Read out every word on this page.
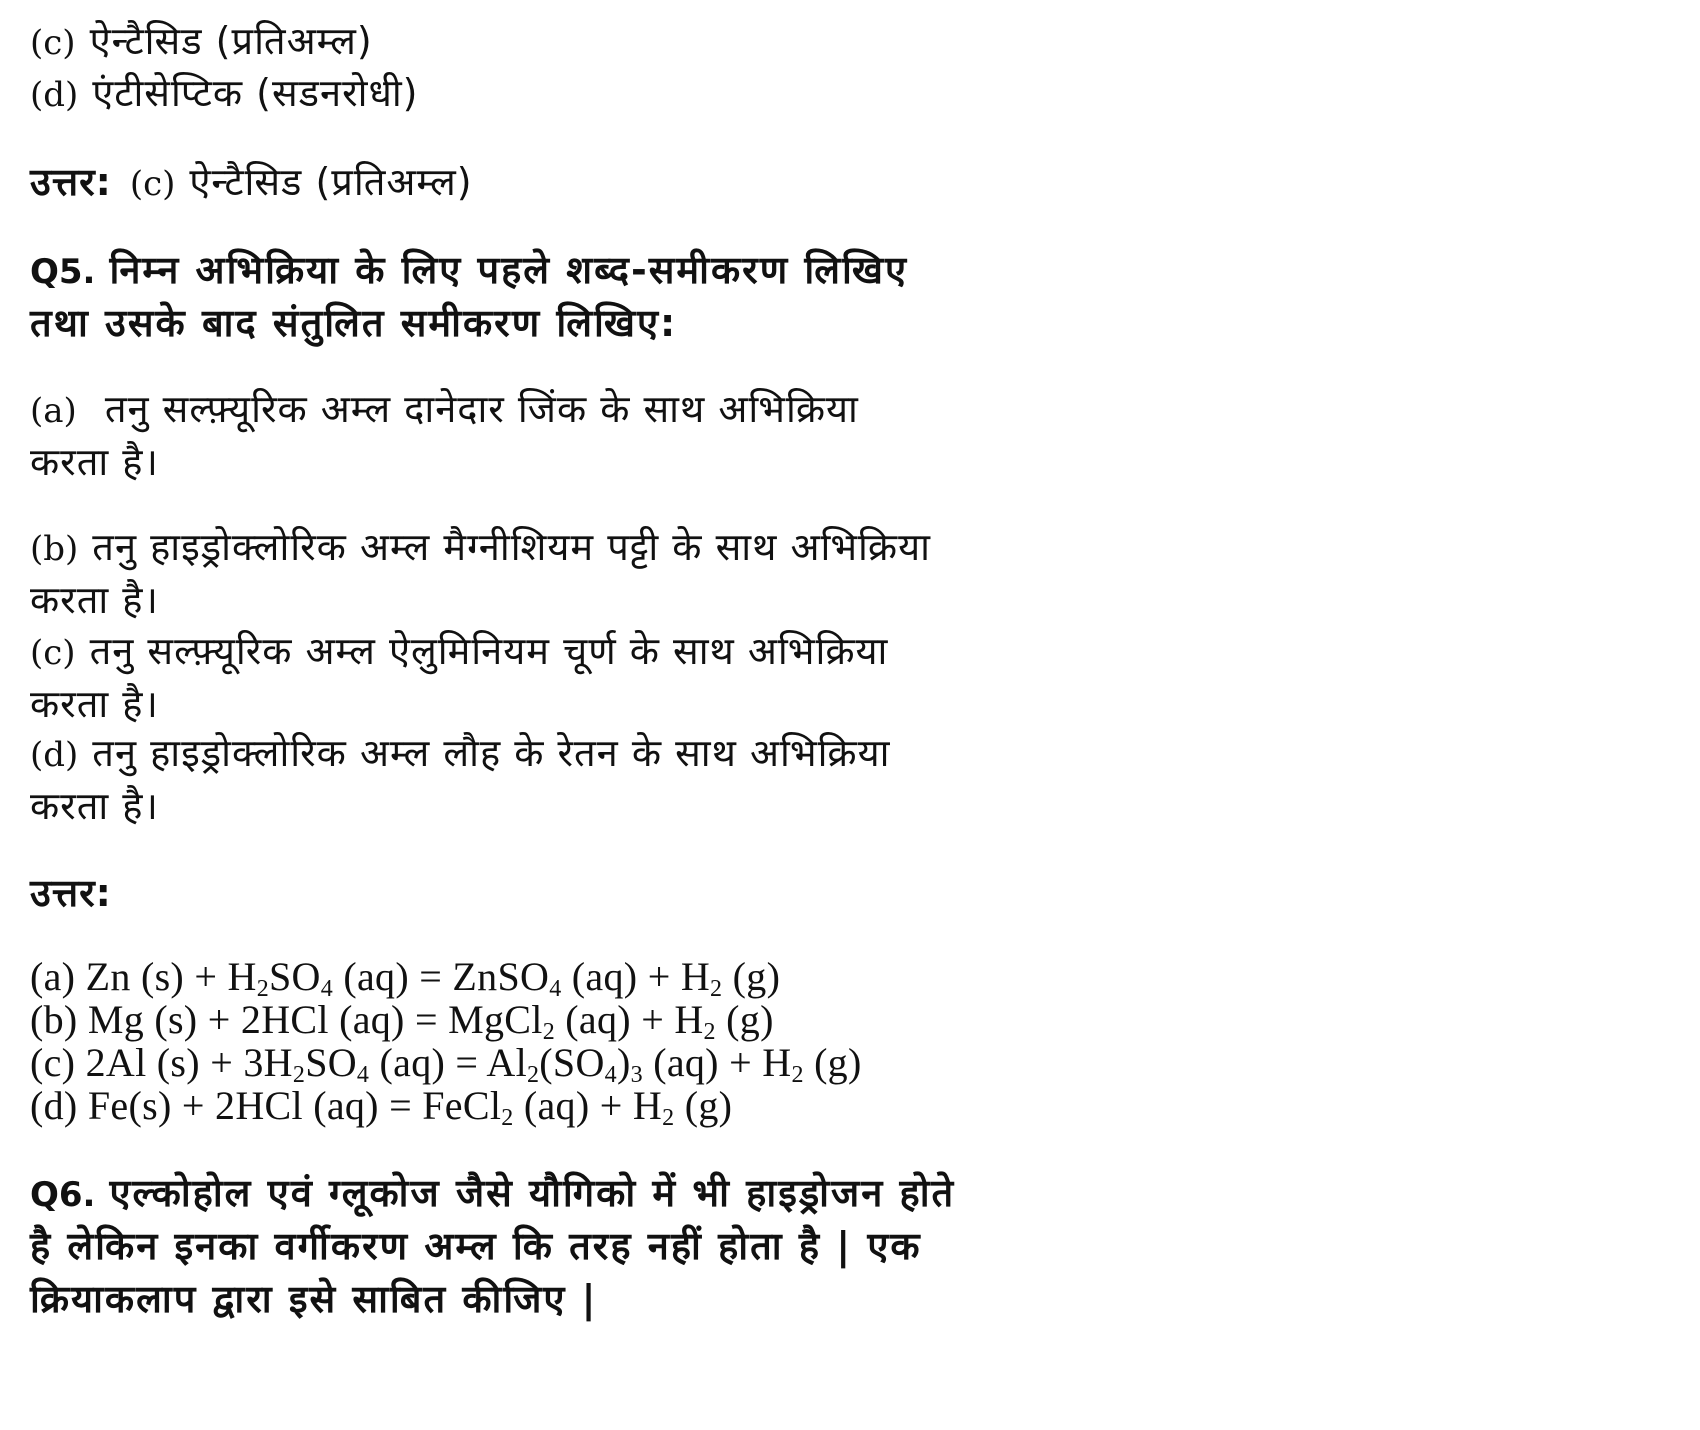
(c) ऐन्टैसिड (प्रतिअम्ल)
(d) एंटीसेप्टिक (सडनरोधी)
उत्तर: (c) ऐन्टैसिड (प्रतिअम्ल)
Q5. निम्न अभिक्रिया के लिए पहले शब्द-समीकरण लिखिए
तथा उसके बाद संतुलित समीकरण लिखिए:
(a) तनु सल्फ़्यूरिक अम्ल दानेदार जिंक के साथ अभिक्रिया
करता है।
(b) तनु हाइड्रोक्लोरिक अम्ल मैग्नीशियम पट्टी के साथ अभिक्रिया
करता है।
(c) तनु सल्फ़्यूरिक अम्ल ऐलुमिनियम चूर्ण के साथ अभिक्रिया
करता है।
(d) तनु हाइड्रोक्लोरिक अम्ल लौह के रेतन के साथ अभिक्रिया
करता है।
उत्तर:
(a) Zn $(s) + H_2SO_4$ (aq) = ZnSO$_4$ $(aq) + H_2$ (g)
(b) Mg (s) + 2HCl (aq) = MgCl$_2$ $(aq) + H_2$ (g)
(c) 2Al $(s) + 3H_2SO_4$ $(aq) = Al_2(SO_4)_3$ $(aq) + H_2$ (g)
(d) Fe(s) + 2HCl (aq) = FeCl$_2$ $(aq) + H_2$ (g)
Q6. एल्कोहोल एवं ग्लूकोज जैसे यौगिको में भी हाइड्रोजन होते
है लेकिन इनका वर्गीकरण अम्ल कि तरह नहीं होता है | एक
क्रियाकलाप द्वारा इसे साबित कीजिए |
